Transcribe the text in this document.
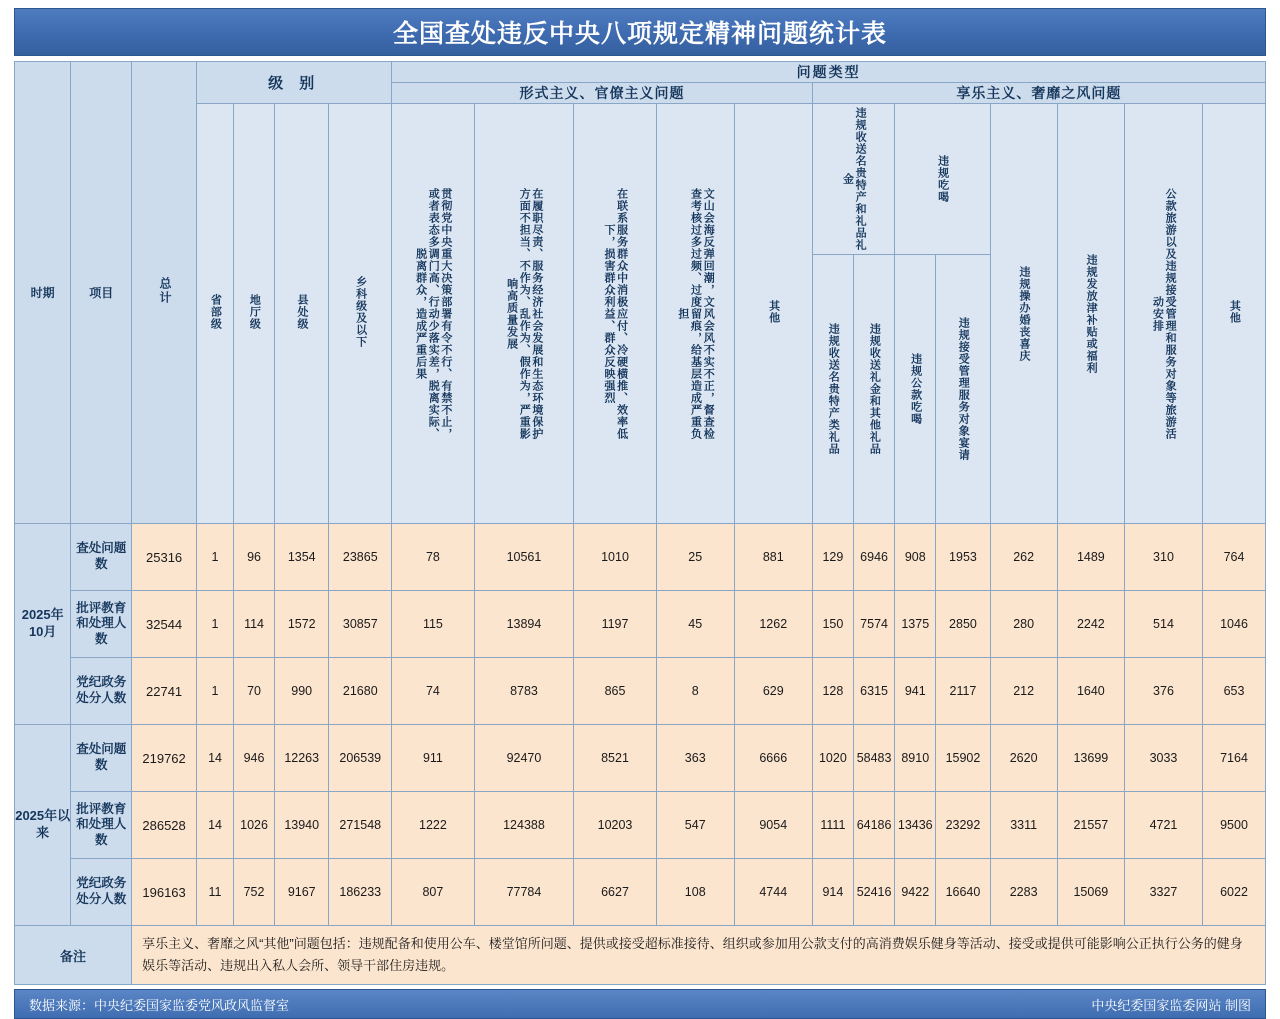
全国查处违反中央八项规定精神问题统计表
时期	项目	总计	级 别				问题类型												
							形式主义、官僚主义问题					享乐主义、奢靡之风问题							
			省部级	地厅级	县处级	乡科级及以下	贯彻党中央重大决策部署有令不行、有禁不止，或者表态多调门高、行动少落实差，脱离实际、脱离群众，造成严重后果	在履职尽责、服务经济社会发展和生态环境保护方面不担当、不作为、乱作为、假作为，严重影响高质量发展	在联系服务群众中消极应付、冷硬横推、效率低下，损害群众利益、群众反映强烈	文山会海反弹回潮，文风会风不实不正，督查检查考核过多过频、过度留痕，给基层造成严重负担	其他	违规收送名贵特产和礼品礼金		违规吃喝		违规操办婚丧喜庆	违规发放津补贴或福利	公款旅游以及违规接受管理和服务对象等旅游活动安排	其他

												违规收送名贵特产类礼品	违规收送礼金和其他礼品	违规公款吃喝	违规接受管理服务对象宴请				

2025年10月	查处问题数	25316	1	96	1354	23865	78	10561	1010	25	881	129	6946	908	1953	262	1489	310	764
	批评教育和处理人数	32544	1	114	1572	30857	115	13894	1197	45	1262	150	7574	1375	2850	280	2242	514	1046
	党纪政务处分人数	22741	1	70	990	21680	74	8783	865	8	629	128	6315	941	2117	212	1640	376	653
2025年以来	查处问题数	219762	14	946	12263	206539	911	92470	8521	363	6666	1020	58483	8910	15902	2620	13699	3033	7164
	批评教育和处理人数	286528	14	1026	13940	271548	1222	124388	10203	547	9054	1111	64186	13436	23292	3311	21557	4721	9500
	党纪政务处分人数	196163	11	752	9167	186233	807	77784	6627	108	4744	914	52416	9422	16640	2283	15069	3327	6022
备注		享乐主义、奢靡之风“其他”问题包括：违规配备和使用公车、楼堂馆所问题、提供或接受超标准接待、组织或参加用公款支付的高消费娱乐健身等活动、接受或提供可能影响公正执行公务的健身娱乐等活动、违规出入私人会所、领导干部住房违规。																	
数据来源：中央纪委国家监委党风政风监督室	中央纪委国家监委网站 制图
